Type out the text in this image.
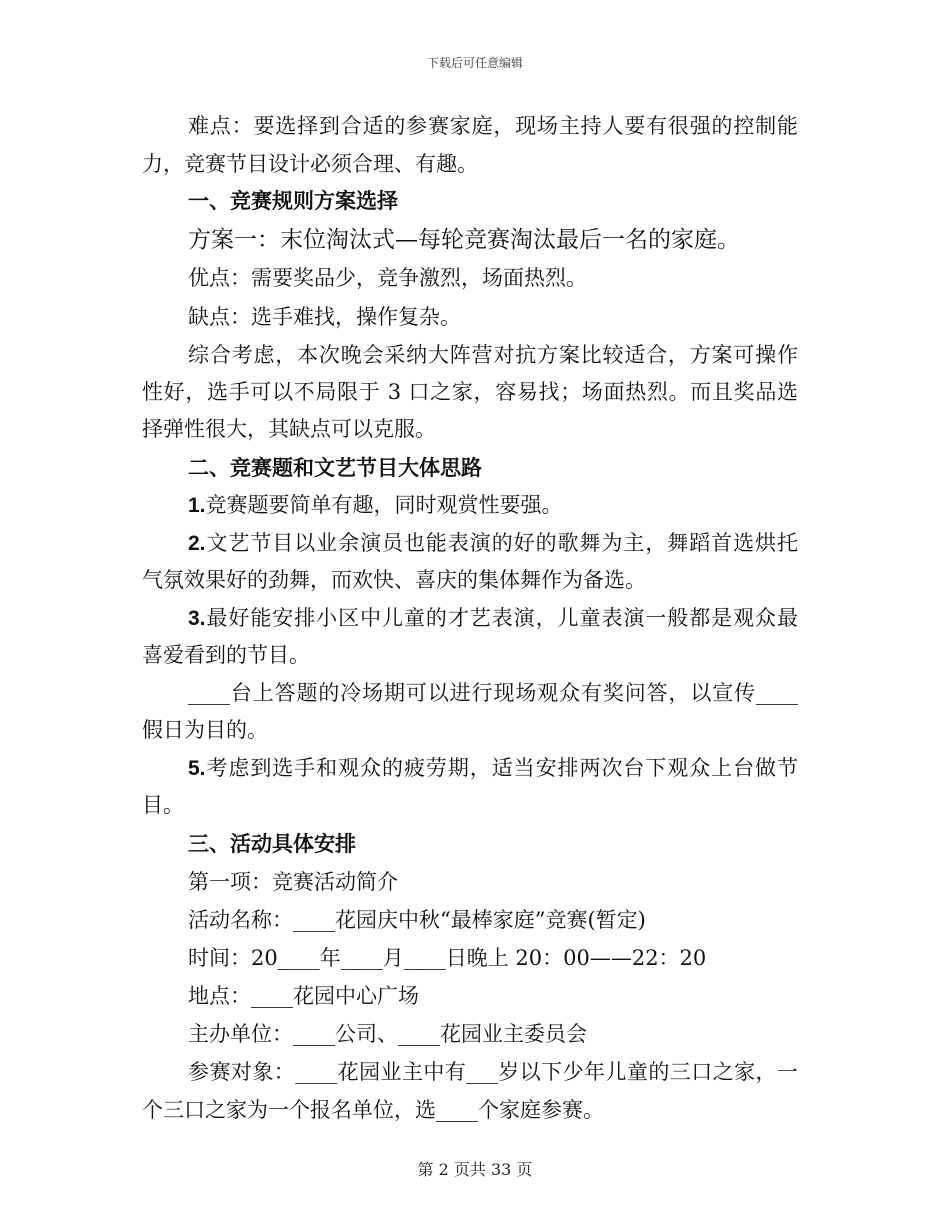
下载后可任意编辑
难点：要选择到合适的参赛家庭，现场主持人要有很强的控制能
力，竞赛节目设计必须合理、有趣。
一、竞赛规则方案选择
方案一：末位淘汰式—每轮竞赛淘汰最后一名的家庭。
优点：需要奖品少，竞争激烈，场面热烈。
缺点：选手难找，操作复杂。
综合考虑，本次晚会采纳大阵营对抗方案比较适合，方案可操作
性好，选手可以不局限于 3 口之家，容易找；场面热烈。而且奖品选
择弹性很大，其缺点可以克服。
二、竞赛题和文艺节目大体思路
1.竞赛题要简单有趣，同时观赏性要强。
2.文艺节目以业余演员也能表演的好的歌舞为主，舞蹈首选烘托
气氛效果好的劲舞，而欢快、喜庆的集体舞作为备选。
3.最好能安排小区中儿童的才艺表演，儿童表演一般都是观众最
喜爱看到的节目。
____台上答题的冷场期可以进行现场观众有奖问答，以宣传____
假日为目的。
5.考虑到选手和观众的疲劳期，适当安排两次台下观众上台做节
目。
三、活动具体安排
第一项：竞赛活动简介
活动名称：____花园庆中秋“最棒家庭”竞赛(暂定)
时间：20____年____月____日晚上 20：00——22：20
地点：____花园中心广场
主办单位：____公司、____花园业主委员会
参赛对象：____花园业主中有___岁以下少年儿童的三口之家，一
个三口之家为一个报名单位，选____个家庭参赛。
第 2 页共 33 页
